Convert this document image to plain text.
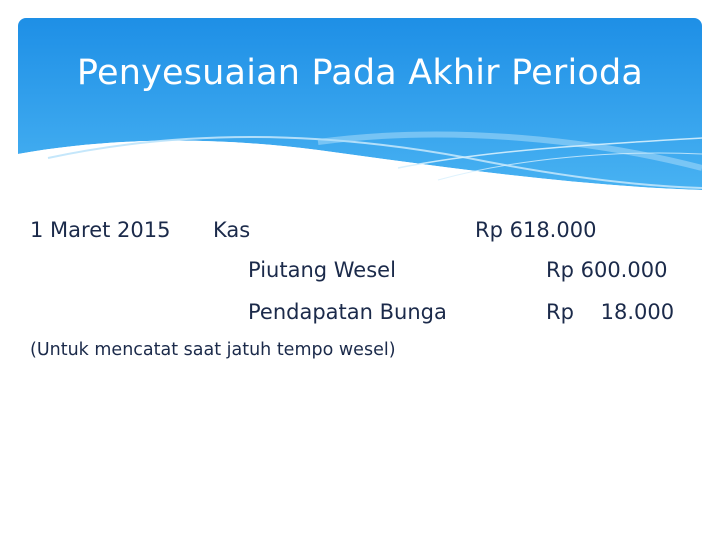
Penyesuaian Pada Akhir Perioda
1 Maret 2015 Kas	Rp 618.000
Piutang Wesel	Rp 600.000
Pendapatan Bunga	Rp    18.000
(Untuk mencatat saat jatuh tempo wesel)
